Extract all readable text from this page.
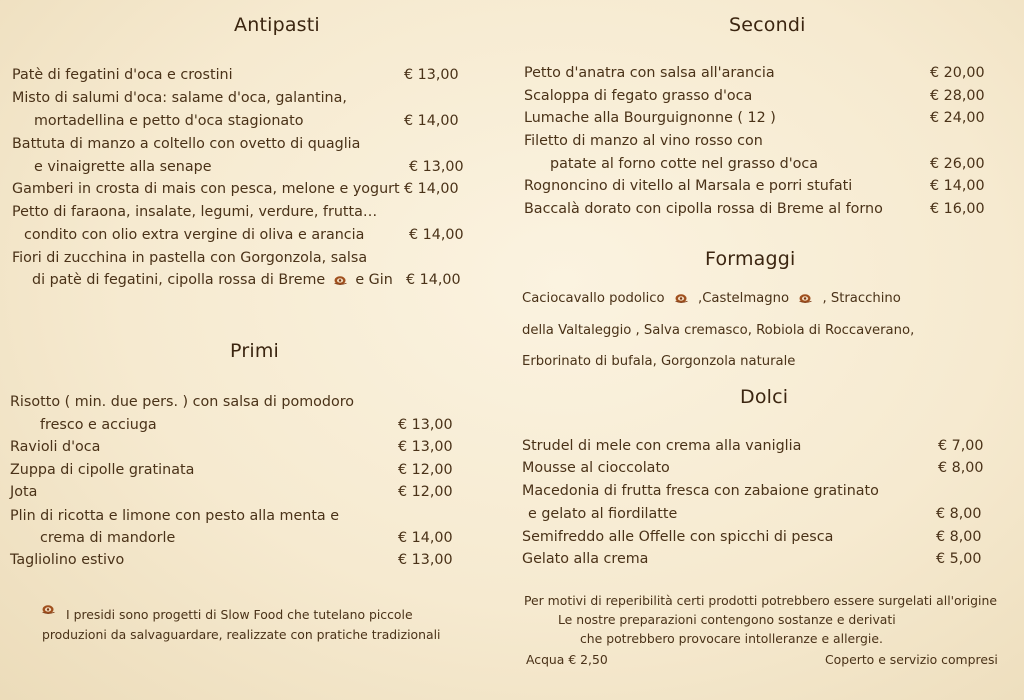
Antipasti
Patè di fegatini d'oca e crostini	€ 13,00
Misto di salumi d'oca: salame d'oca, galantina,
mortadellina e petto d'oca stagionato	€ 14,00
Battuta di manzo a coltello con ovetto di quaglia
e vinaigrette alla senape	€ 13,00
Gamberi in crosta di mais con pesca, melone e yogurt € 14,00
Petto di faraona, insalate, legumi, verdure, frutta…
condito con olio extra vergine di oliva e arancia	€ 14,00
Fiori di zucchina in pastella con Gorgonzola, salsa
di patè di fegatini, cipolla rossa di Breme e Gin € 14,00
Primi
Risotto ( min. due pers. ) con salsa di pomodoro
fresco e acciuga	€ 13,00
Ravioli d'oca	€ 13,00
Zuppa di cipolle gratinata	€ 12,00
Jota	€ 12,00
Plin di ricotta e limone con pesto alla menta e
crema di mandorle	€ 14,00
Tagliolino estivo	€ 13,00
I presidi sono progetti di Slow Food che tutelano piccole
produzioni da salvaguardare, realizzate con pratiche tradizionali
Secondi
Petto d'anatra con salsa all'arancia	€ 20,00
Scaloppa di fegato grasso d'oca	€ 28,00
Lumache alla Bourguignonne ( 12 )	€ 24,00
Filetto di manzo al vino rosso con
patate al forno cotte nel grasso d'oca	€ 26,00
Rognoncino di vitello al Marsala e porri stufati	€ 14,00
Baccalà dorato con cipolla rossa di Breme al forno	€ 16,00
Formaggi
Caciocavallo podolico	,Castelmagno	, Stracchino
della Valtaleggio , Salva cremasco, Robiola di Roccaverano,
Erborinato di bufala, Gorgonzola naturale
Dolci
Strudel di mele con crema alla vaniglia	€ 7,00
Mousse al cioccolato	€ 8,00
Macedonia di frutta fresca con zabaione gratinato
e gelato al fiordilatte	€ 8,00
Semifreddo alle Offelle con spicchi di pesca	€ 8,00
Gelato alla crema	€ 5,00
Per motivi di reperibilità certi prodotti potrebbero essere surgelati all'origine
Le nostre preparazioni contengono sostanze e derivati
che potrebbero provocare intolleranze e allergie.
Acqua € 2,50	Coperto e servizio compresi
